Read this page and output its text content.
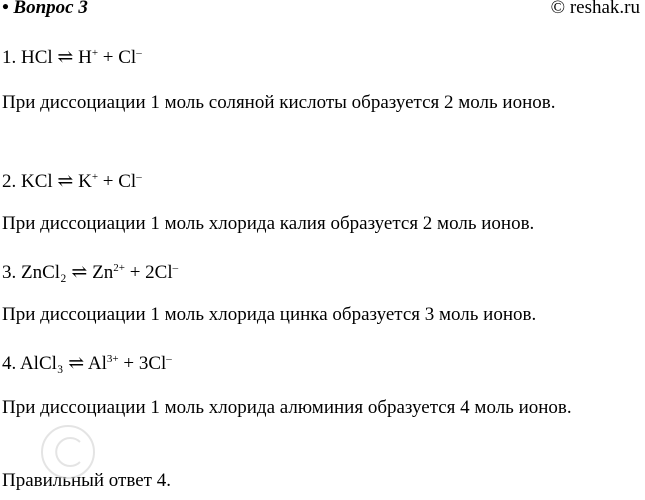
• Вопрос 3	© reshak.ru
1. HCl ⇌ H+ + Cl–
При диссоциации 1 моль соляной кислоты образуется 2 моль ионов.
2. KCl ⇌ K+ + Cl–
При диссоциации 1 моль хлорида калия образуется 2 моль ионов.
3. ZnCl₂ ⇌ $Zn^{2+} + 2Cl^-$
При диссоциации 1 моль хлорида цинка образуется 3 моль ионов.
4. AlCl₃ ⇌ $Al^{3+} + 3Cl^-$
При диссоциации 1 моль хлорида алюминия образуется 4 моль ионов.
Правильный ответ 4.
